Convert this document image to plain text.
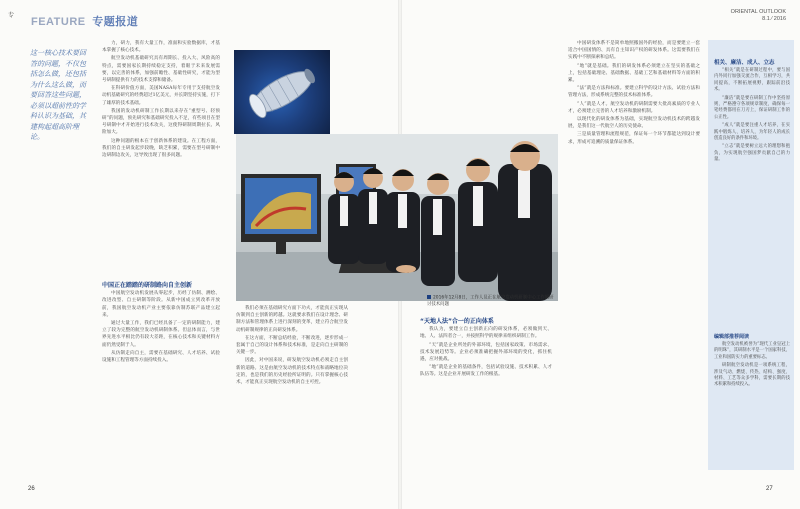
专
FEATURE 专题报道
ORIENTAL OUTLOOK
8.1 ⁄ 2016
这一核心技术要回答的问题，不仅包括怎么做，还包括为什么这么做，而要回答这些问题，必须以超前性的学科认识为基础，其建构起超高阶理论。

力，研力，我有大量工作，准面和实验数据库，才基本掌握了核心技术。

航空发动机基础研究具有周期长、投入大、风险高的特点，需要国家长期持续稳定支持，着眼于未来发展需要，以完善的体系，加强前瞻性、基础性研究，才能为型号研制提供有力的技术支撑和储备。

在科研价值方面，美国NASA每年专用于支持航空发动机基础研究的经费超过1亿美元，并长期坚持实施，打下了雄厚的技术基础。

我国的发动机研制工作长期以来存在“重型号、轻预研”的问题，预先研究和基础研究投入不足，有些项目在型号研制中才开始进行技术攻关，这使得研制周期拉长、风险加大。

这种问题的根本在于创新体系的建设。在工程方面，我们的自主研发起步较晚，缺乏积累，需要在型号研制中边研制边攻关，这导致出现了很多问题。

中国正在踏踏的研制路向自主创新

中国航空发动机发展从零起步，历经了仿制、测绘、改进改型、自主研制等阶段。从新中国成立到改革开放前，我国航空发动机产业主要依靠仿制苏联产品建立起来。

通过大量工作，我们已经具备了一定的研制能力，建立了较为完整的航空发动机研制体系。但总体而言，与世界先进水平相比仍有较大差距，在核心技术和关键材料方面仍然受制于人。

从仿制走向自主，需要在基础研究、人才培养、试验设施和工程管理等方面持续投入。

我们必须在基础研究方面下功夫，才能真正实现从仿制到自主创新的跨越。这就要求我们在设计理念、研制方法和管理体系上进行深刻的变革，建立符合航空发动机研制规律的正向研发体系。

在这方面，不断总结经验，不断改进，逐步形成一套属于自己的设计体系和技术标准，是走向自主研制的关键一步。

因此，对中国来说，研发航空发动机必须走自主创新的道路。这是由航空发动机的技术特点和战略地位决定的，也是我们的历史经验所证明的。只有掌握核心技术，才能真正实现航空发动机的自主可控。

“天地人法”合一的正向体系

我认为，要建立自主创新正向的研发体系，必须做到天、地、人、法四者合一，并按照科学的规律来组织研制工作。

“天”就是企业所处的外部环境，包括国家政策、市场需求、技术发展趋势等。企业必须准确把握外部环境的变化，抓住机遇，应对挑战。

“地”就是企业的基础条件，包括试验设施、技术积累、人才队伍等。这是企业开展研发工作的根基。

中国研发体系不是简单地照搬国外的经验，而是要建立一套适合中国国情的、具有自主知识产权的研发体系。这需要我们在实践中不断探索和总结。

“地”就是基础。我们的研发体系必须建立在坚实的基础之上，包括基础理论、基础数据、基础工艺和基础材料等方面的积累。

“法”就是方法和标准。要建立科学的设计方法、试验方法和管理方法，形成系统完整的技术标准体系。

“人”就是人才。航空发动机的研制需要大批高素质的专业人才，必须建立完善的人才培养和激励机制。

以现代化的研发体系为基础，实现航空发动机技术的跨越发展，是我们这一代航空人的历史使命。

三是质量管理和流程规范，保证每一个环节都能达到设计要求，形成可追溯的质量保证体系。

2016年12月8日，工作人员正在航空发动机研制中心工作间研讨技术问题
相关、廉洁、成人、立志

“相关”就是在研制过程中，要与国内外同行加强交流合作，互相学习，共同提高，不断拓展视野，跟踪前沿技术。

“廉洁”就是要在研制工作中坚持原则，严格遵守各项规章制度，确保每一笔经费都用在刀刃上，保证研制工作的公正性。

“成人”就是要注重人才培养，在实践中锻炼人、培养人，为年轻人的成长创造良好的条件和环境。

“立志”就是要树立远大的理想和抱负，为实现航空强国梦贡献自己的力量。

编辑部推荐阅读

航空发动机被誉为“现代工业皇冠上的明珠”，其研制水平是一个国家科技、工业和国防实力的重要标志。

研制航空发动机是一项系统工程，涉及气动、燃烧、传热、结构、强度、材料、工艺等众多学科，需要长期的技术积累和持续投入。

26	27
